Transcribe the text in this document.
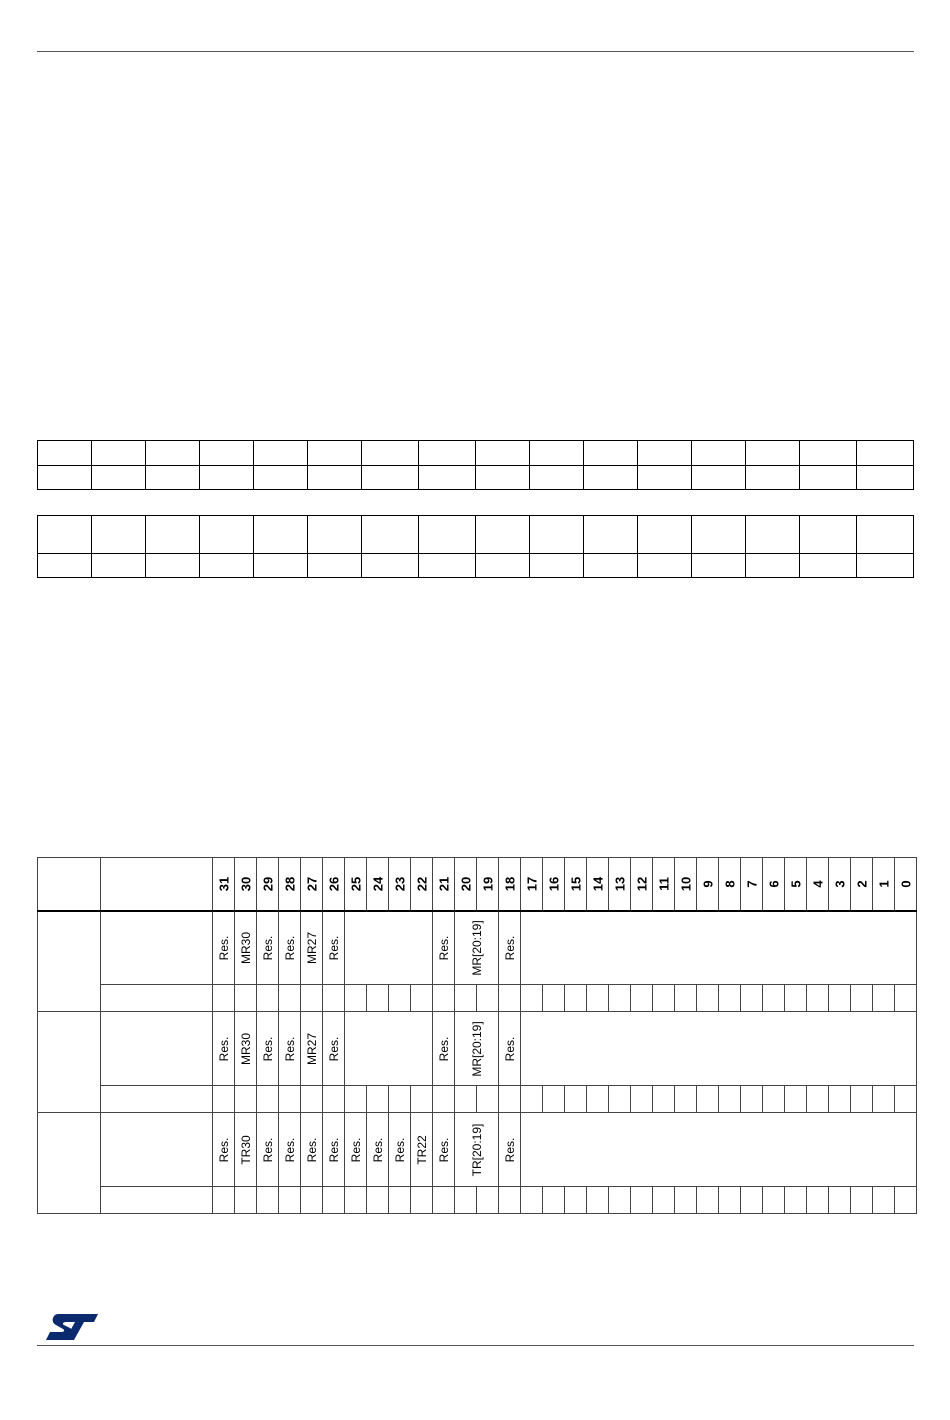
		31	30	29	28	27	26	25	24	23	22	21	20	19	18	17	16	15	14	13	12	11	10	9	8	7	6	5	4	3	2	1	0

		Res.	MR30	Res.	Res.	MR27	Res.					Res.	MR[20:19]		Res.																		

		Res.	MR30	Res.	Res.	MR27	Res.					Res.	MR[20:19]		Res.																		

		Res.	TR30	Res.	Res.	Res.	Res.	Res.	Res.	Res.	TR22	Res.	TR[20:19]		Res.																		
